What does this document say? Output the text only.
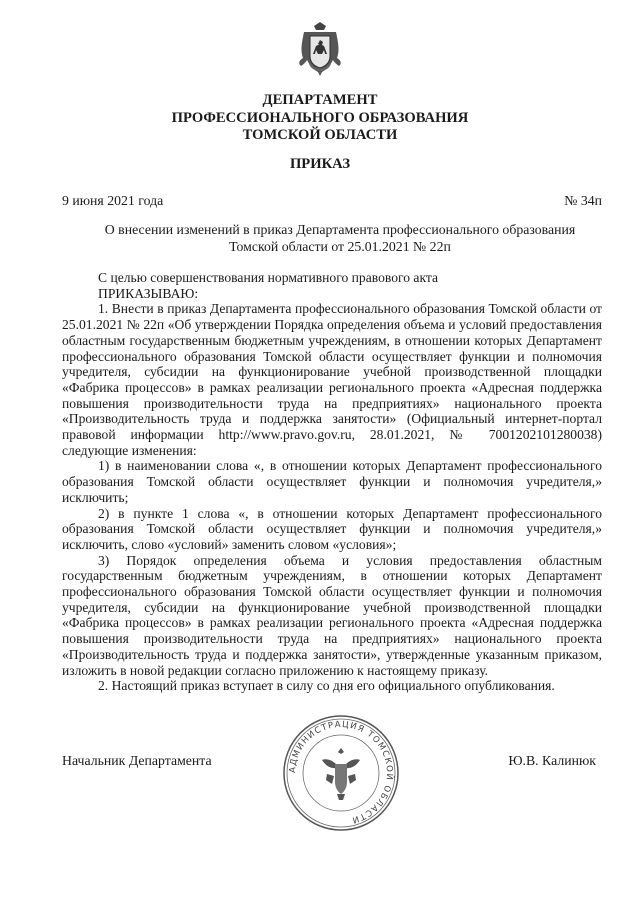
ДЕПАРТАМЕНТ
ПРОФЕССИОНАЛЬНОГО ОБРАЗОВАНИЯ
ТОМСКОЙ ОБЛАСТИ
ПРИКАЗ
9 июня 2021 года	№ 34п
О внесении изменений в приказ Департамента профессионального образования Томской области от 25.01.2021 № 22п

С целью совершенствования нормативного правового акта

ПРИКАЗЫВАЮ:

1. Внести в приказ Департамента профессионального образования Томской области от 25.01.2021 № 22п «Об утверждении Порядка определения объема и условий предоставления областным государственным бюджетным учреждениям, в отношении которых Департамент профессионального образования Томской области осуществляет функции и полномочия учредителя, субсидии на функционирование учебной производственной площадки «Фабрика процессов» в рамках реализации регионального проекта «Адресная поддержка повышения производительности труда на предприятиях» национального проекта «Производительность труда и поддержка занятости» (Официальный интернет-портал правовой информации http://www.pravo.gov.ru, 28.01.2021, № 7001202101280038) следующие изменения:

1) в наименовании слова «, в отношении которых Департамент профессионального образования Томской области осуществляет функции и полномочия учредителя,» исключить;

2) в пункте 1 слова «, в отношении которых Департамент профессионального образования Томской области осуществляет функции и полномочия учредителя,» исключить, слово «условий» заменить словом «условия»;

3) Порядок определения объема и условия предоставления областным государственным бюджетным учреждениям, в отношении которых Департамент профессионального образования Томской области осуществляет функции и полномочия учредителя, субсидии на функционирование учебной производственной площадки «Фабрика процессов» в рамках реализации регионального проекта «Адресная поддержка повышения производительности труда на предприятиях» национального проекта «Производительность труда и поддержка занятости», утвержденные указанным приказом, изложить в новой редакции согласно приложению к настоящему приказу.

2. Настоящий приказ вступает в силу со дня его официального опубликования.

АДМИНИСТРАЦИЯ ТОМСКОЙ ОБЛАСТИ
Начальник Департамента	Ю.В. Калинюк
